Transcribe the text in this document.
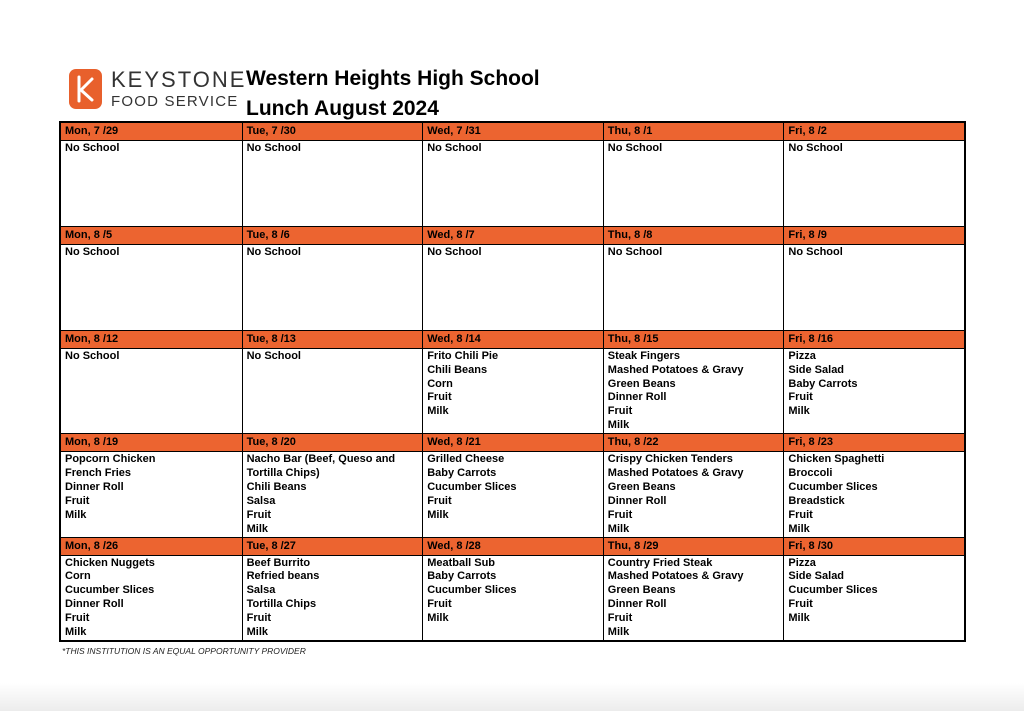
KEYSTONE
FOOD SERVICE
Western Heights High School
Lunch August 2024
Mon, 7 /29
No School
Tue, 7 /30
No School
Wed, 7 /31
No School
Thu, 8 /1
No School
Fri, 8 /2
No School
Mon, 8 /5
No School
Tue, 8 /6
No School
Wed, 8 /7
No School
Thu, 8 /8
No School
Fri, 8 /9
No School
Mon, 8 /12
No School
Tue, 8 /13
No School
Wed, 8 /14
Frito Chili Pie
Chili Beans
Corn
Fruit
Milk
Thu, 8 /15
Steak Fingers
Mashed Potatoes & Gravy
Green Beans
Dinner Roll
Fruit
Milk
Fri, 8 /16
Pizza
Side Salad
Baby Carrots
Fruit
Milk
Mon, 8 /19
Popcorn Chicken
French Fries
Dinner Roll
Fruit
Milk
Tue, 8 /20
Nacho Bar (Beef, Queso and Tortilla Chips)
Chili Beans
Salsa
Fruit
Milk
Wed, 8 /21
Grilled Cheese
Baby Carrots
Cucumber Slices
Fruit
Milk
Thu, 8 /22
Crispy Chicken Tenders
Mashed Potatoes & Gravy
Green Beans
Dinner Roll
Fruit
Milk
Fri, 8 /23
Chicken Spaghetti
Broccoli
Cucumber Slices
Breadstick
Fruit
Milk
Mon, 8 /26
Chicken Nuggets
Corn
Cucumber Slices
Dinner Roll
Fruit
Milk
Tue, 8 /27
Beef Burrito
Refried beans
Salsa
Tortilla Chips
Fruit
Milk
Wed, 8 /28
Meatball Sub
Baby Carrots
Cucumber Slices
Fruit
Milk
Thu, 8 /29
Country Fried Steak
Mashed Potatoes & Gravy
Green Beans
Dinner Roll
Fruit
Milk
Fri, 8 /30
Pizza
Side Salad
Cucumber Slices
Fruit
Milk
*THIS INSTITUTION IS AN EQUAL OPPORTUNITY PROVIDER
